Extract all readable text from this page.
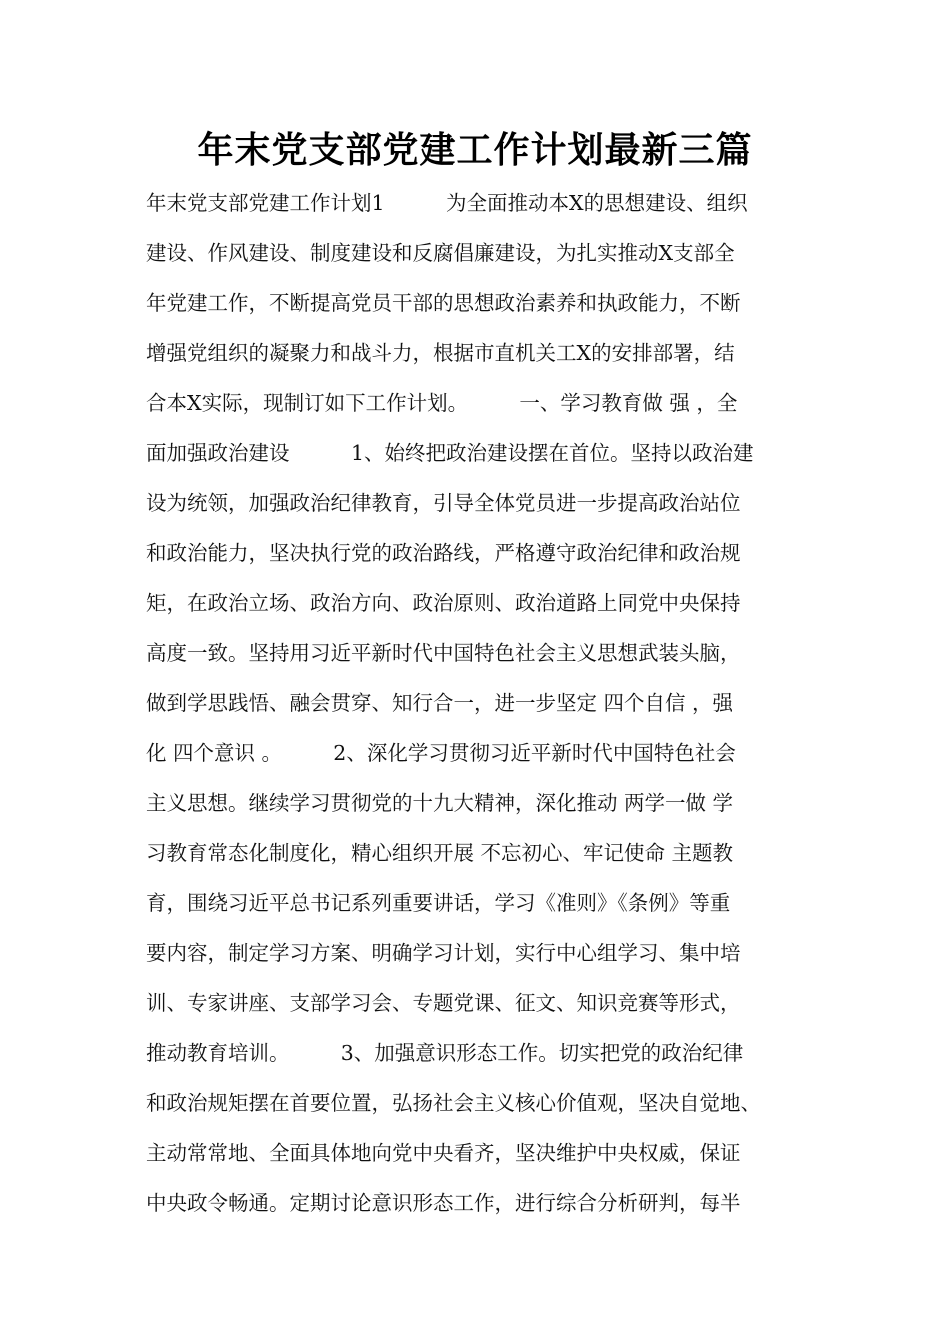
年末党支部党建工作计划最新三篇
年末党支部党建工作计划1　　　为全面推动本X的思想建设、组织
建设、作风建设、制度建设和反腐倡廉建设，为扎实推动X支部全
年党建工作，不断提高党员干部的思想政治素养和执政能力，不断
增强党组织的凝聚力和战斗力，根据市直机关工X的安排部署，结
合本X实际，现制订如下工作计划。　　　一、学习教育做 强 ，全
面加强政治建设　　　1、始终把政治建设摆在首位。坚持以政治建
设为统领，加强政治纪律教育，引导全体党员进一步提高政治站位
和政治能力，坚决执行党的政治路线，严格遵守政治纪律和政治规
矩，在政治立场、政治方向、政治原则、政治道路上同党中央保持
高度一致。坚持用习近平新时代中国特色社会主义思想武装头脑，
做到学思践悟、融会贯穿、知行合一，进一步坚定 四个自信 ，强
化 四个意识 。　　　2、深化学习贯彻习近平新时代中国特色社会
主义思想。继续学习贯彻党的十九大精神，深化推动 两学一做 学
习教育常态化制度化，精心组织开展 不忘初心、牢记使命 主题教
育，围绕习近平总书记系列重要讲话，学习《准则》《条例》等重
要内容，制定学习方案、明确学习计划，实行中心组学习、集中培
训、专家讲座、支部学习会、专题党课、征文、知识竞赛等形式，
推动教育培训。　　　3、加强意识形态工作。切实把党的政治纪律
和政治规矩摆在首要位置，弘扬社会主义核心价值观，坚决自觉地、
主动常常地、全面具体地向党中央看齐，坚决维护中央权威，保证
中央政令畅通。定期讨论意识形态工作，进行综合分析研判，每半
